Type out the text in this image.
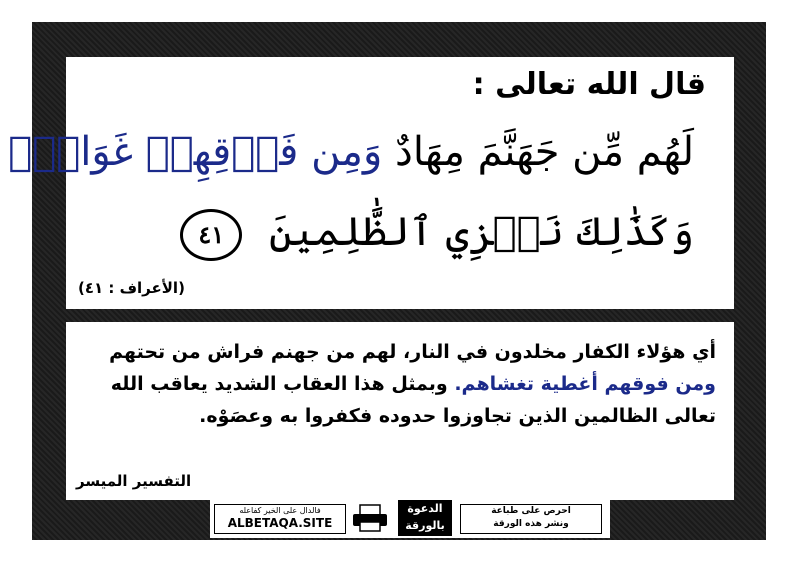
قال الله تعالى :
لَهُم مِّن جَهَنَّمَ مِهَادٌ وَمِن فَوۡقِهِمۡ غَوَاشٍۚ
وَكَذَٰلِكَ نَجۡزِي ٱلظَّٰلِمِينَ ٤١
(الأعراف : ٤١)
أي هؤلاء الكفار مخلدون في النار، لهم من جهنم فراش من تحتهم
ومن فوقهم أغطية تغشاهم. وبمثل هذا العقاب الشديد يعاقب الله
تعالى الظالمين الذين تجاوزوا حدوده فكفروا به وعصَوْه.
التفسير الميسر
فالدال على الخير كفاعله
ALBETAQA.SITE
الدعوة
بالورقة
احرص على طباعة
ونشر هذه الورقة
